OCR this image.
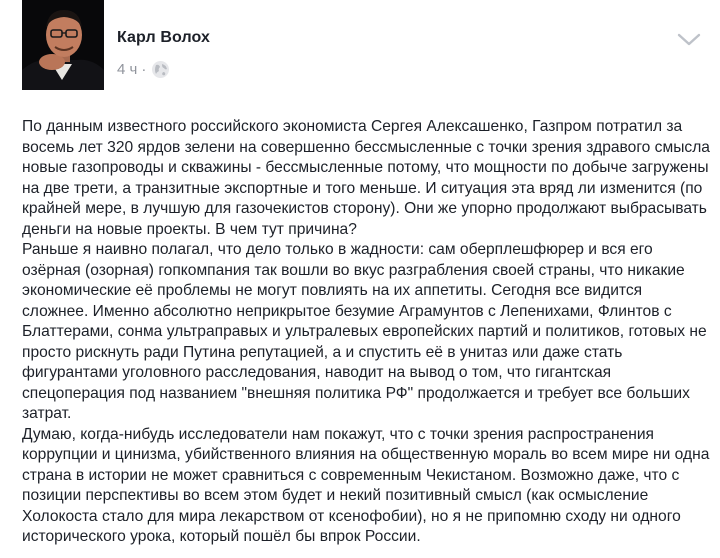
Карл Волох
4 ч ·

По данным известного российского экономиста Сергея Алексашенко, Газпром потратил за восемь лет 320 ярдов зелени на совершенно бессмысленные с точки зрения здравого смысла новые газопроводы и скважины - бессмысленные потому, что мощности по добыче загружены на две трети, а транзитные экспортные и того меньше. И ситуация эта вряд ли изменится (по крайней мере, в лучшую для газочекистов сторону). Они же упорно продолжают выбрасывать деньги на новые проекты. В чем тут причина?

Раньше я наивно полагал, что дело только в жадности: сам оберплешфюрер и вся его озёрная (озорная) гопкомпания так вошли во вкус разграбления своей страны, что никакие экономические её проблемы не могут повлиять на их аппетиты. Сегодня все видится сложнее. Именно абсолютно неприкрытое безумие Аграмунтов с Лепенихами, Флинтов с Блаттерами, сонма ультраправых и ультралевых европейских партий и политиков, готовых не просто рискнуть ради Путина репутацией, а и спустить её в унитаз или даже стать фигурантами уголовного расследования, наводит на вывод о том, что гигантская спецоперация под названием "внешняя политика РФ" продолжается и требует все больших затрат.

Думаю, когда-нибудь исследователи нам покажут, что с точки зрения распространения коррупции и цинизма, убийственного влияния на общественную мораль во всем мире ни одна страна в истории не может сравниться с современным Чекистаном. Возможно даже, что с позиции перспективы во всем этом будет и некий позитивный смысл (как осмысление Холокоста стало для мира лекарством от ксенофобии), но я не припомню сходу ни одного исторического урока, который пошёл бы впрок России.
